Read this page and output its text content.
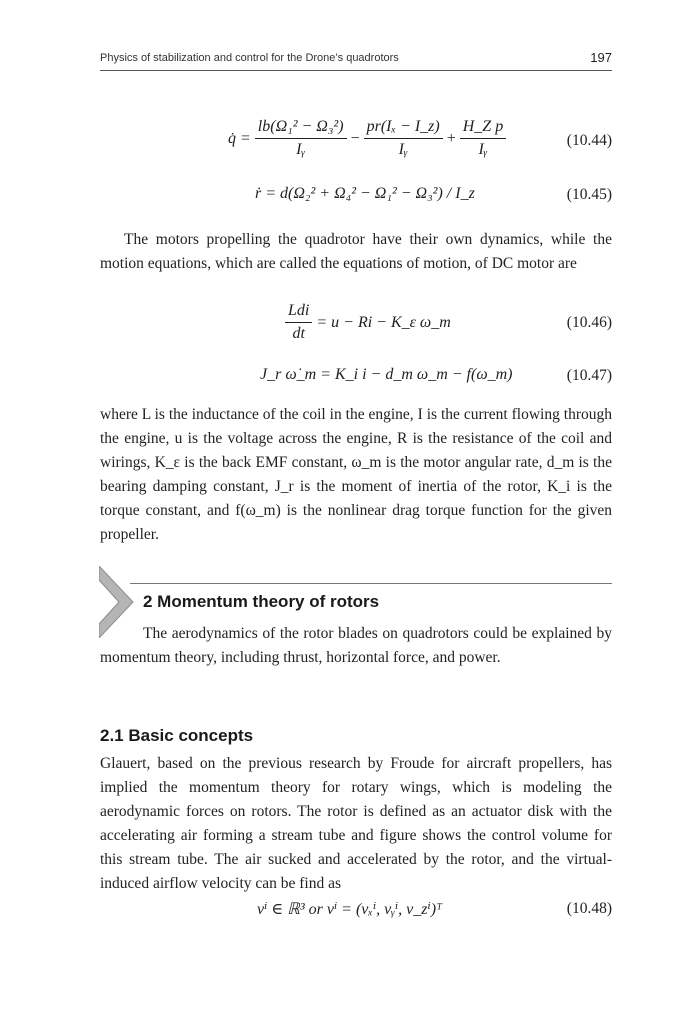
Physics of stabilization and control for the Drone’s quadrotors	197
q̇ = $\frac{\text{lb(Ω₁² − Ω₃²)}}{\text{Iᵧ}} - \frac{\text{pr(Iₓ − I\_z)}}{\text{Iᵧ}} + \frac{\text{H\_Z p}}{\text{Iᵧ}}$	(10.44)
ṙ = d(Ω₂² + Ω₄² − Ω₁² − Ω₃²) / I_z	(10.45)

The motors propelling the quadrotor have their own dynamics, while the motion equations, which are called the equations of motion, of DC motor are

$\frac{\text{Ldi}}{dt} = u - Ri$ − K_ε ω_m	(10.46)
J_r ω̇_m = K_i i − d_m ω_m − f(ω_m)	(10.47)

where L is the inductance of the coil in the engine, I is the current flowing through the engine, u is the voltage across the engine, R is the resistance of the coil and wirings, K_ε is the back EMF constant, ω_m is the motor angular rate, d_m is the bearing damping constant, J_r is the moment of inertia of the rotor, K_i is the torque constant, and f(ω_m) is the nonlinear drag torque function for the given propeller.

2 Momentum theory of rotors

The aerodynamics of the rotor blades on quadrotors could be explained by momentum theory, including thrust, horizontal force, and power.

2.1 Basic concepts

Glauert, based on the previous research by Froude for aircraft propellers, has implied the momentum theory for rotary wings, which is modeling the aerodynamic forces on rotors. The rotor is defined as an actuator disk with the accelerating air forming a stream tube and figure shows the control volume for this stream tube. The air sucked and accelerated by the rotor, and the virtual-induced airflow velocity can be find as

vⁱ ∈ ℝ³ or vⁱ = (vₓⁱ, vᵧⁱ, v_zⁱ)ᵀ	(10.48)
